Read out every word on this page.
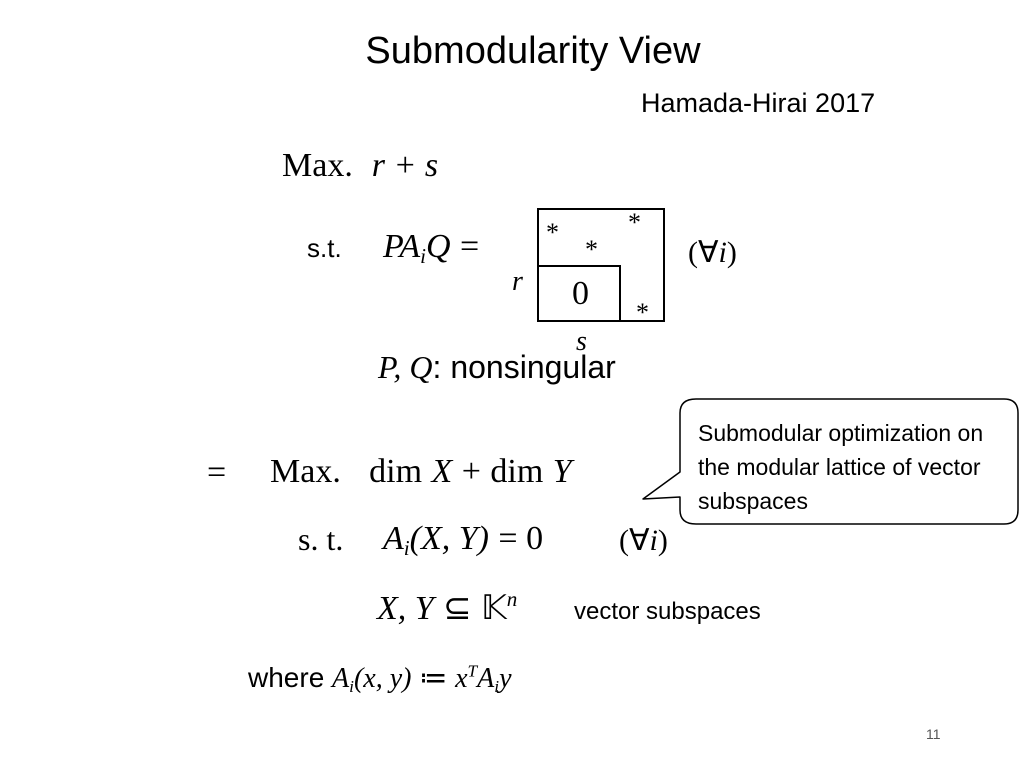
Submodularity View
Hamada-Hirai 2017
Max. r + s
s.t. $PA_iQ$ =	*	*
*
*
0
r
s
(∀i)
P, Q: nonsingular
Submodular optimization on the modular lattice of vector subspaces
= Max. dim X + dim Y
s. t. $A_i(X$, Y) = 0	(∀i)
X, Y ⊆ 𝕂$^n$ vector subspaces
where $A_i(x$, y) ≔ $x^TA_iy$
11
